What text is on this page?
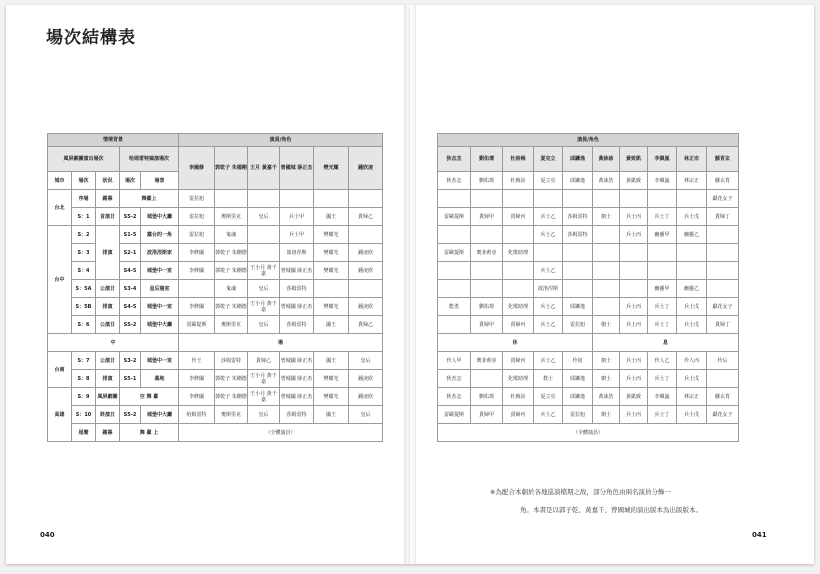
場次結構表
情境背景					演員/角色					
風屏劇團演出場次			哈姆雷特搞演場次		李國修	郭乾子 朱德剛	王月 黃嘉千	曾國城 薛正杰	樊光耀	鍾欣凌
城市	場次	狀況	場次	場景						
台北	序場	謝幕	舞臺上		雷拉旭					
	S：1	首演日	S5-2	城堡中大廳	雷拉旭	奧斯里克	皇后	兵士甲	國王	貴婦乙
台中	S：2	排演	S1-5	露台的一角	雷拉旭	鬼魂		兵士甲	樊耀光	
	S：3		S2-1	波洛涅斯家	李修國	郭乾子 朱剛德		波洛涅斯	樊耀光	鍾凌欣
	S：4		S4-5	城堡中一室	李修國	郭乾子 朱剛德	王小月 黃千嘉	曾城國 薛正杰	樊耀光	鍾凌欣
	S：5A	公演日	S3-4	皇后寢室		鬼魂	皇后	莎姆雷特		
	S：5B	排演	S4-5	城堡中一室	李修國	郭乾子 朱剛德	王小月 黃千嘉	曾城國 薛正杰	樊耀光	鍾凌欣
	S：6	公演日	S5-2	城堡中大廳	雷歐提斯	奧斯里克	皇后	莎姆雷特	國王	貴婦乙
中					場					
台南	S：7	公演日	S3-2	城堡中一室	伶王	莎姆雷特	貴婦乙	曾城國 薛正杰	國王	皇后
	S：8	排演	S5-1	墓地	李修國	郭乾子 朱剛德	王小月 黃千嘉	曾城國 薛正杰	樊耀光	鍾凌欣
高雄	S：9	風屏劇團	空 舞 臺		李修國	郭乾子 朱剛德	王小月 黃千嘉	曾城國 薛正杰	樊耀光	鍾凌欣
	S：10	終演日	S5-2	城堡中大廳	哈姆雷特	奧斯里克	皇后	莎姆雷特	國王	皇后
	尾聲	謝幕	舞 臺 上		（全體演員）					
040
演員/角色									
狄志杰	劉佑璟	杜詩梅	夏克立	邱鑛逸	黃詠詠	黃致凱	李佩嵐	林正宗	蘇育玄
狄杰志	劉佑璟	杜梅詩	夏立克	邱鑛逸	黃詠浩	黃凱致	李佩嵐	林宗正	蘇玄育
									獻花女子
雷歐提斯	貴婦甲	貴婦丙	兵士乙	莎姆雷特	朝士	兵士丙	兵士丁	兵士戊	貴婦丁
			兵士乙	莎姆雷特		兵士丙	幽靈甲	幽靈乙	
雷歐提斯	奧菲莉亞	化歌助理							
			兵士乙						
			波洛涅斯				幽靈甲	幽靈乙	
能勇	劉佑璟	化歌助理	兵士乙	邱鑛逸		兵士丙	兵士丁	兵士戊	獻花女子
	貴婦甲	貴婦丙	兵士乙	雷拉旭	朝士	兵士丙	兵士丁	兵士戊	貴婦丁
休					息				
伶人甲	奧菲莉亞	貴婦丙	兵士乙	伶叔	朝士	兵士丙	伶人乙	伶人丙	伶后
狄杰志		化歌助理	教士	邱鑛逸	朝士	兵士丙	兵士丁	兵士戊	
狄杰志	劉佑璟	杜梅詩	夏立克	邱鑛逸	黃詠浩	黃凱致	李佩嵐	林宗正	蘇玄育
雷歐提斯	貴婦甲	貴婦丙	兵士乙	雷拉旭	朝士	兵士丙	兵士丁	兵士戊	獻花女子
（全體演員）									
※為配合本劇於各地巡演檔期之故，部分角色由兩名演員分飾一
角。本書是以郭子乾、黃嘉千、曾國城的演出版本為出版版本。
041
